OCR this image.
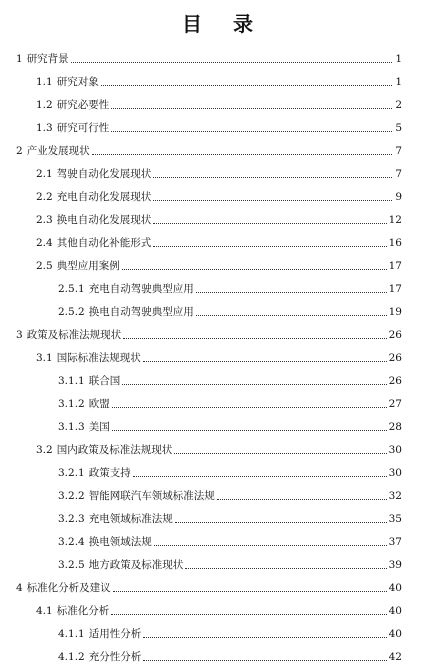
目 录
1 研究背景	1
1.1 研究对象	1
1.2 研究必要性	2
1.3 研究可行性	5
2 产业发展现状	7
2.1 驾驶自动化发展现状	7
2.2 充电自动化发展现状	9
2.3 换电自动化发展现状	12
2.4 其他自动化补能形式	16
2.5 典型应用案例	17
2.5.1 充电自动驾驶典型应用	17
2.5.2 换电自动驾驶典型应用	19
3 政策及标准法规现状	26
3.1 国际标准法规现状	26
3.1.1 联合国	26
3.1.2 欧盟	27
3.1.3 美国	28
3.2 国内政策及标准法规现状	30
3.2.1 政策支持	30
3.2.2 智能网联汽车领域标准法规	32
3.2.3 充电领域标准法规	35
3.2.4 换电领域法规	37
3.2.5 地方政策及标准现状	39
4 标准化分析及建议	40
4.1 标准化分析	40
4.1.1 适用性分析	40
4.1.2 充分性分析	42
